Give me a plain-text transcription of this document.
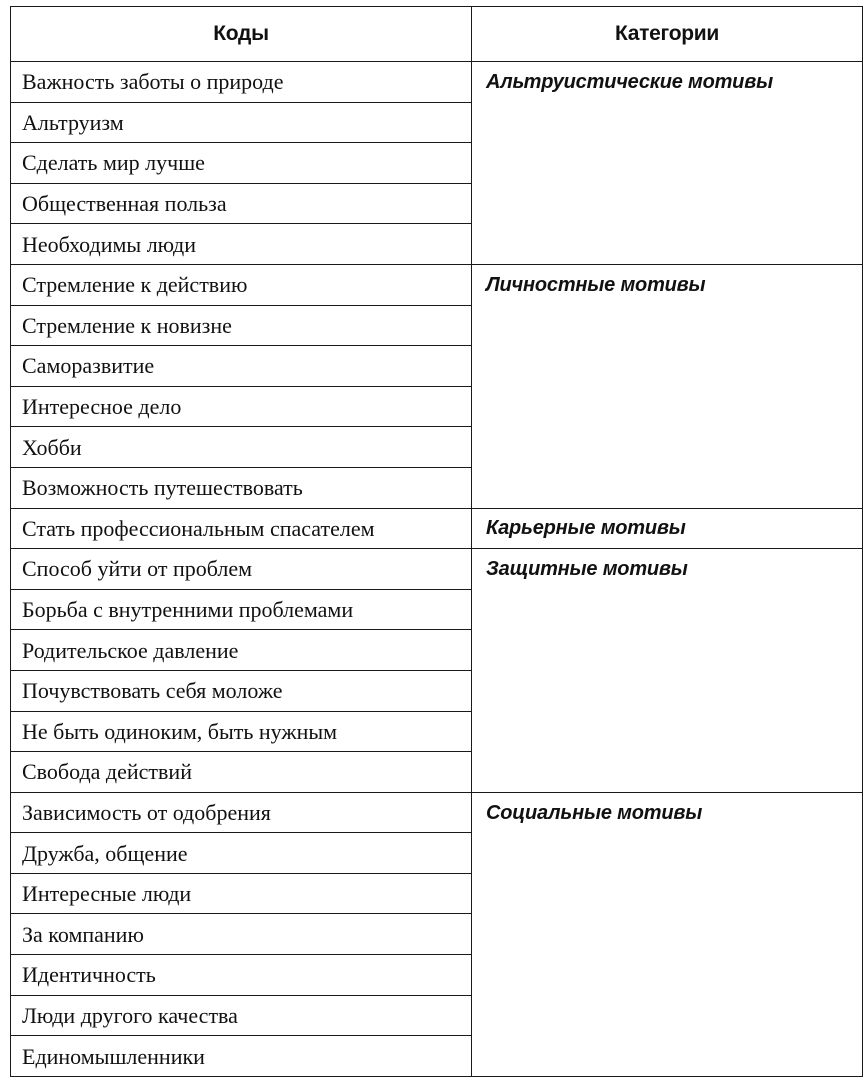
Коды	Категории
Важность заботы о природе	Альтруистические мотивы
Альтруизм	
Сделать мир лучше	
Общественная польза	
Необходимы люди	
Стремление к действию	Личностные мотивы
Стремление к новизне	
Саморазвитие	
Интересное дело	
Хобби	
Возможность путешествовать	
Стать профессиональным спасателем	Карьерные мотивы
Способ уйти от проблем	Защитные мотивы
Борьба с внутренними проблемами	
Родительское давление	
Почувствовать себя моложе	
Не быть одиноким, быть нужным	
Свобода действий	
Зависимость от одобрения	Социальные мотивы
Дружба, общение	
Интересные люди	
За компанию	
Идентичность	
Люди другого качества	
Единомышленники	
